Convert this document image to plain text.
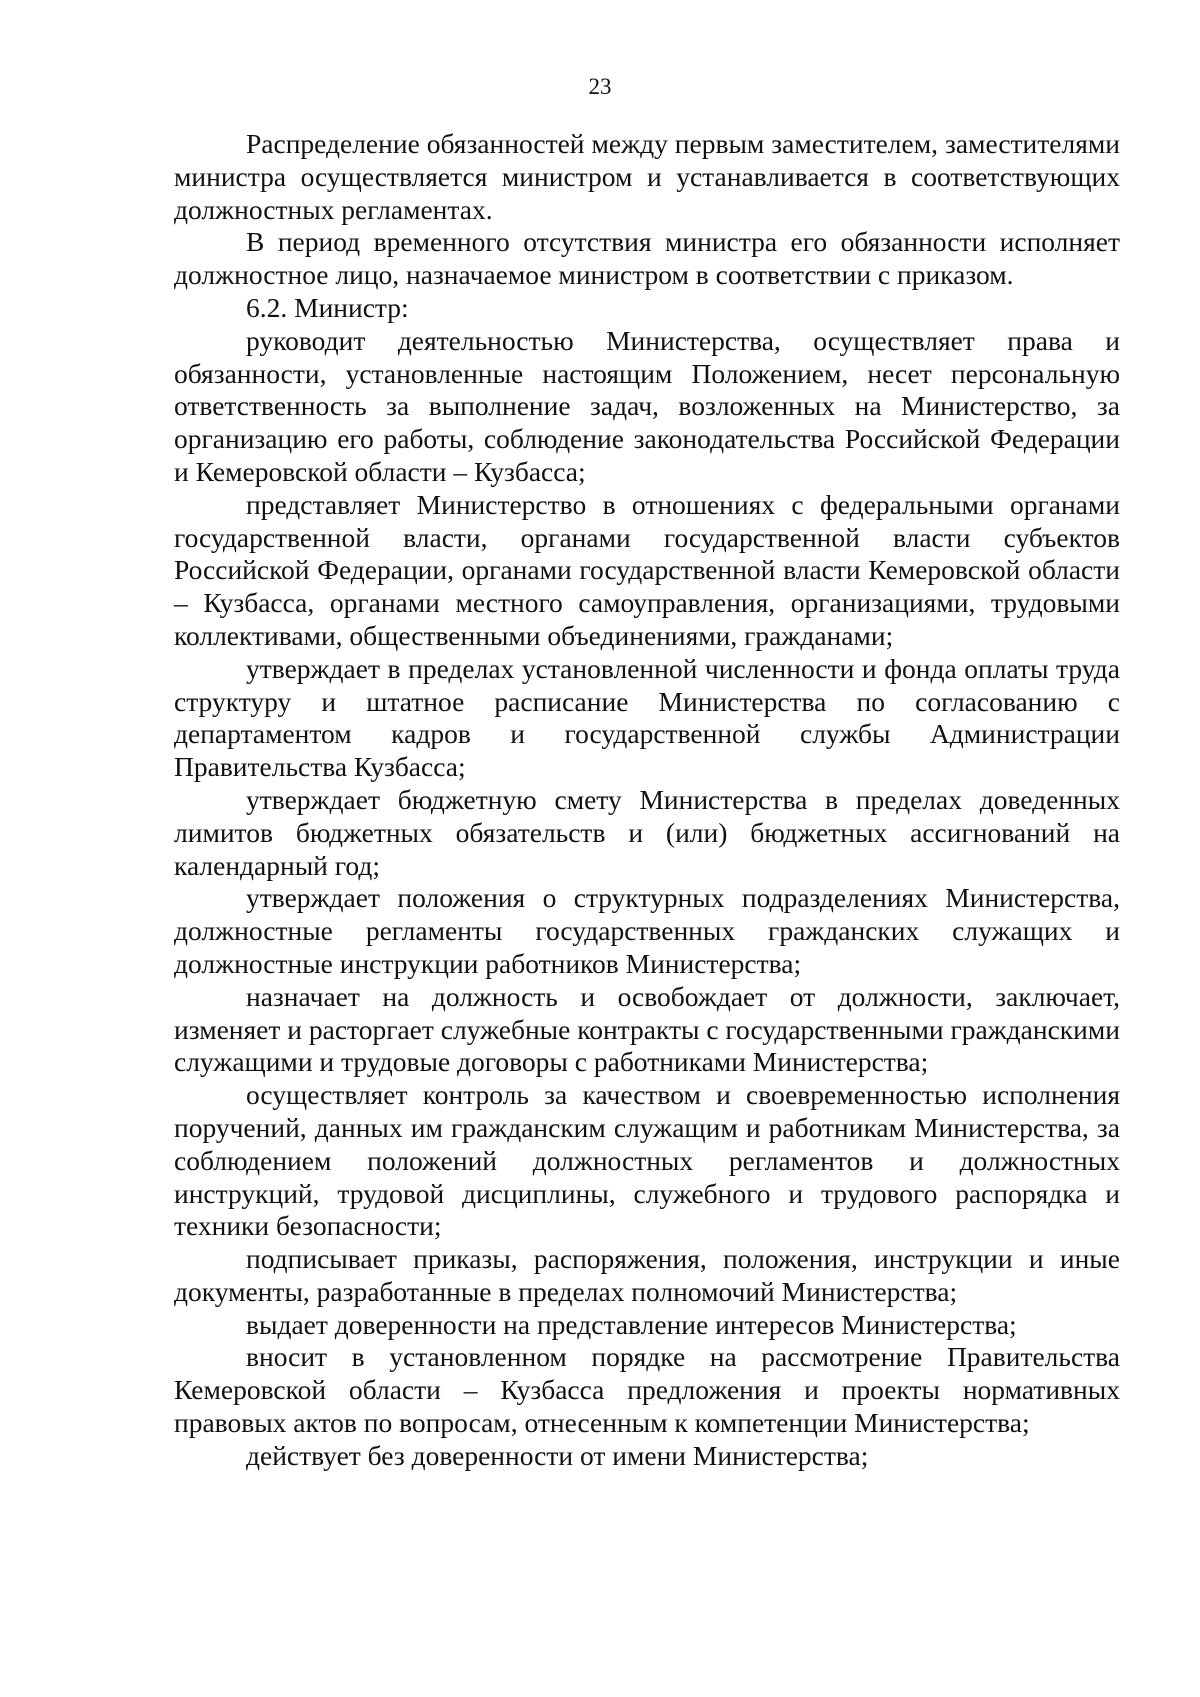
23

Распределение обязанностей между первым заместителем, заместителями министра осуществляется министром и устанавливается в соответствующих должностных регламентах.

В период временного отсутствия министра его обязанности исполняет должностное лицо, назначаемое министром в соответствии с приказом.

6.2. Министр:

руководит деятельностью Министерства, осуществляет права и обязанности, установленные настоящим Положением, несет персональную ответственность за выполнение задач, возложенных на Министерство, за организацию его работы, соблюдение законодательства Российской Федерации и Кемеровской области – Кузбасса;

представляет Министерство в отношениях с федеральными органами государственной власти, органами государственной власти субъектов Российской Федерации, органами государственной власти Кемеровской области – Кузбасса, органами местного самоуправления, организациями, трудовыми коллективами, общественными объединениями, гражданами;

утверждает в пределах установленной численности и фонда оплаты труда структуру и штатное расписание Министерства по согласованию с департаментом кадров и государственной службы Администрации Правительства Кузбасса;

утверждает бюджетную смету Министерства в пределах доведенных лимитов бюджетных обязательств и (или) бюджетных ассигнований на календарный год;

утверждает положения о структурных подразделениях Министерства, должностные регламенты государственных гражданских служащих и должностные инструкции работников Министерства;

назначает на должность и освобождает от должности, заключает, изменяет и расторгает служебные контракты с государственными гражданскими служащими и трудовые договоры с работниками Министерства;

осуществляет контроль за качеством и своевременностью исполнения поручений, данных им гражданским служащим и работникам Министерства, за соблюдением положений должностных регламентов и должностных инструкций, трудовой дисциплины, служебного и трудового распорядка и техники безопасности;

подписывает приказы, распоряжения, положения, инструкции и иные документы, разработанные в пределах полномочий Министерства;

выдает доверенности на представление интересов Министерства;

вносит в установленном порядке на рассмотрение Правительства Кемеровской области – Кузбасса предложения и проекты нормативных правовых актов по вопросам, отнесенным к компетенции Министерства;

действует без доверенности от имени Министерства;
